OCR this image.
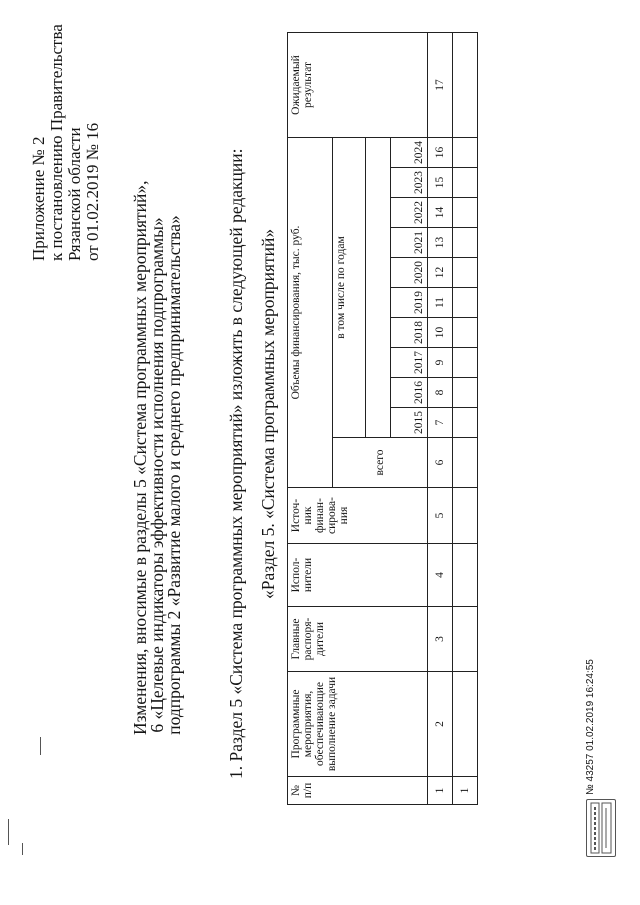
Приложение № 2 к постановлению Правительства Рязанской области от 01.02.2019 № 16 Изменения, вносимые в разделы 5 «Система программных мероприятий»,
6 «Целевые индикаторы эффективности исполнения подпрограммы»
подпрограммы 2 «Развитие малого и среднего предпринимательства» 1. Раздел 5 «Система программных мероприятий» изложить в следующей редакции: «Раздел 5. «Система программных мероприятий»
№ п/п	Программные мероприятия, обеспечивающие выполнение задачи	Главные распоря-дители	Испол-нители	Источ-ник финан-сирова-ния	Объемы финансирования, тыс. руб.											Ожидаемый результат
					всего	в том числе по годам										

						2015	2016	2017	2018	2019	2020	2021	2022	2023	2024	
1	2	3	4	5	6	7	8	9	10	11	12	13	14	15	16	17
1																	№ 43257 01.02.2019 16:24:55
